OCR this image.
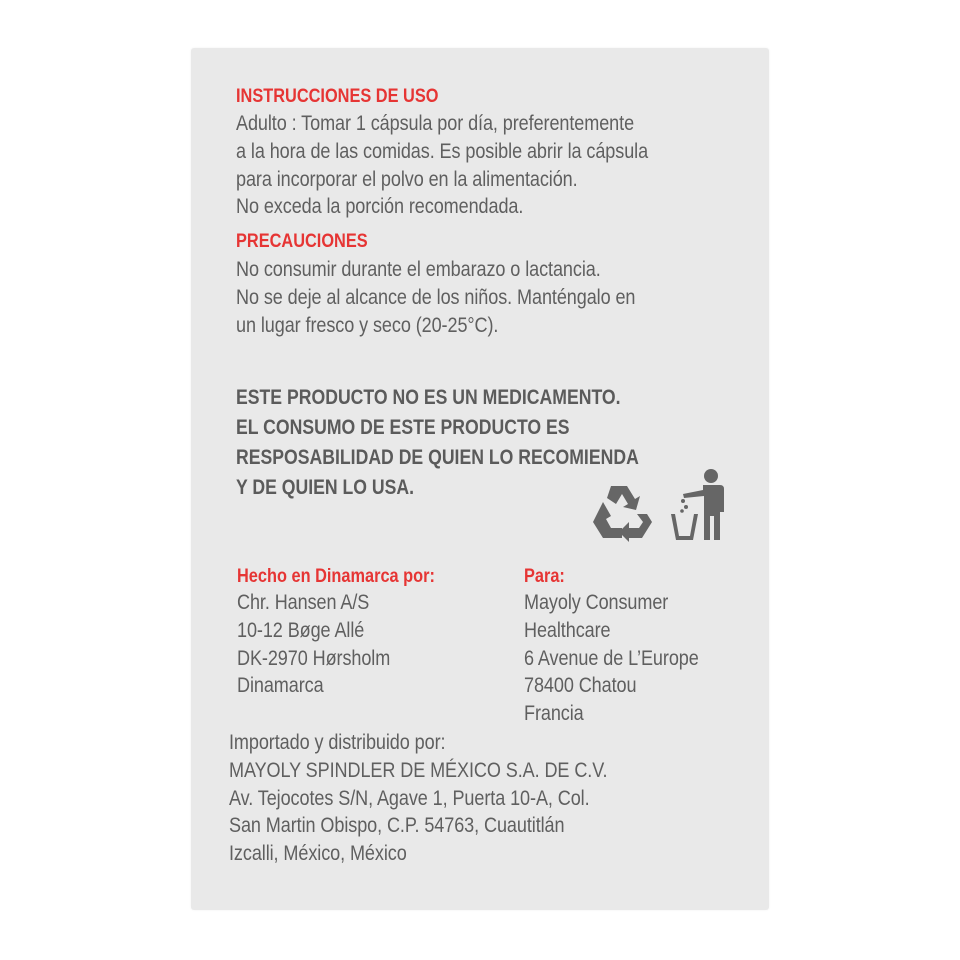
INSTRUCCIONES DE USO
Adulto : Tomar 1 cápsula por día, preferentemente
a la hora de las comidas. Es posible abrir la cápsula
para incorporar el polvo en la alimentación.
No exceda la porción recomendada.
PRECAUCIONES
No consumir durante el embarazo o lactancia.
No se deje al alcance de los niños. Manténgalo en
un lugar fresco y seco (20-25°C).
ESTE PRODUCTO NO ES UN MEDICAMENTO.
EL CONSUMO DE ESTE PRODUCTO ES
RESPOSABILIDAD DE QUIEN LO RECOMIENDA
Y DE QUIEN LO USA.
Hecho en Dinamarca por:
Chr. Hansen A/S
10-12 Bøge Allé
DK-2970 Hørsholm
Dinamarca
Para:
Mayoly Consumer
Healthcare
6 Avenue de L’Europe
78400 Chatou
Francia
Importado y distribuido por:
MAYOLY SPINDLER DE MÉXICO S.A. DE C.V.
Av. Tejocotes S/N, Agave 1, Puerta 10-A, Col.
San Martin Obispo, C.P. 54763, Cuautitlán
Izcalli, México, México
